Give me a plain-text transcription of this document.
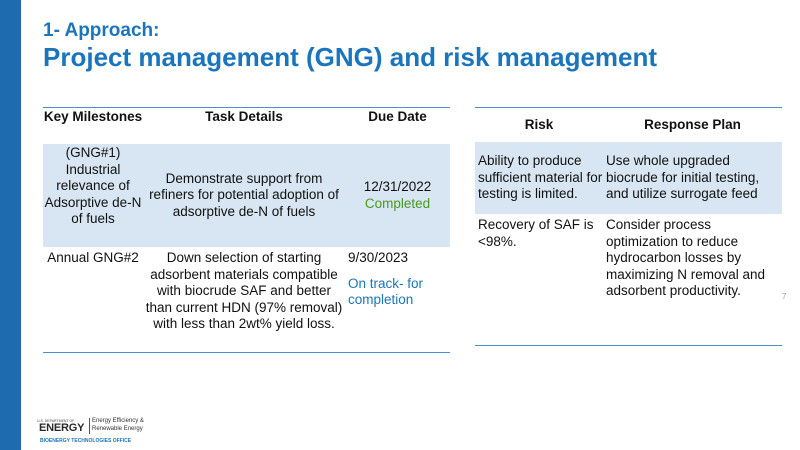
1- Approach:
Project management (GNG) and risk management
Key Milestones	Task Details	Due Date
(GNG#1) Industrial relevance of Adsorptive de-N of fuels	Demonstrate support from refiners for potential adoption of adsorptive de-N of fuels	12/31/2022
Completed

Annual GNG#2	Down selection of starting adsorbent materials compatible with biocrude SAF and better than current HDN (97% removal) with less than 2wt% yield loss.	9/30/2023
On track- for completion
Risk	Response Plan
Ability to produce sufficient material for testing is limited.	Use whole upgraded biocrude for initial testing, and utilize surrogate feed
Recovery of SAF is <98%.	Consider process optimization to reduce hydrocarbon losses by maximizing N removal and adsorbent productivity.	7
U.S. DEPARTMENT OF
ENERGY
Energy Efficiency &
Renewable Energy
BIOENERGY TECHNOLOGIES OFFICE
